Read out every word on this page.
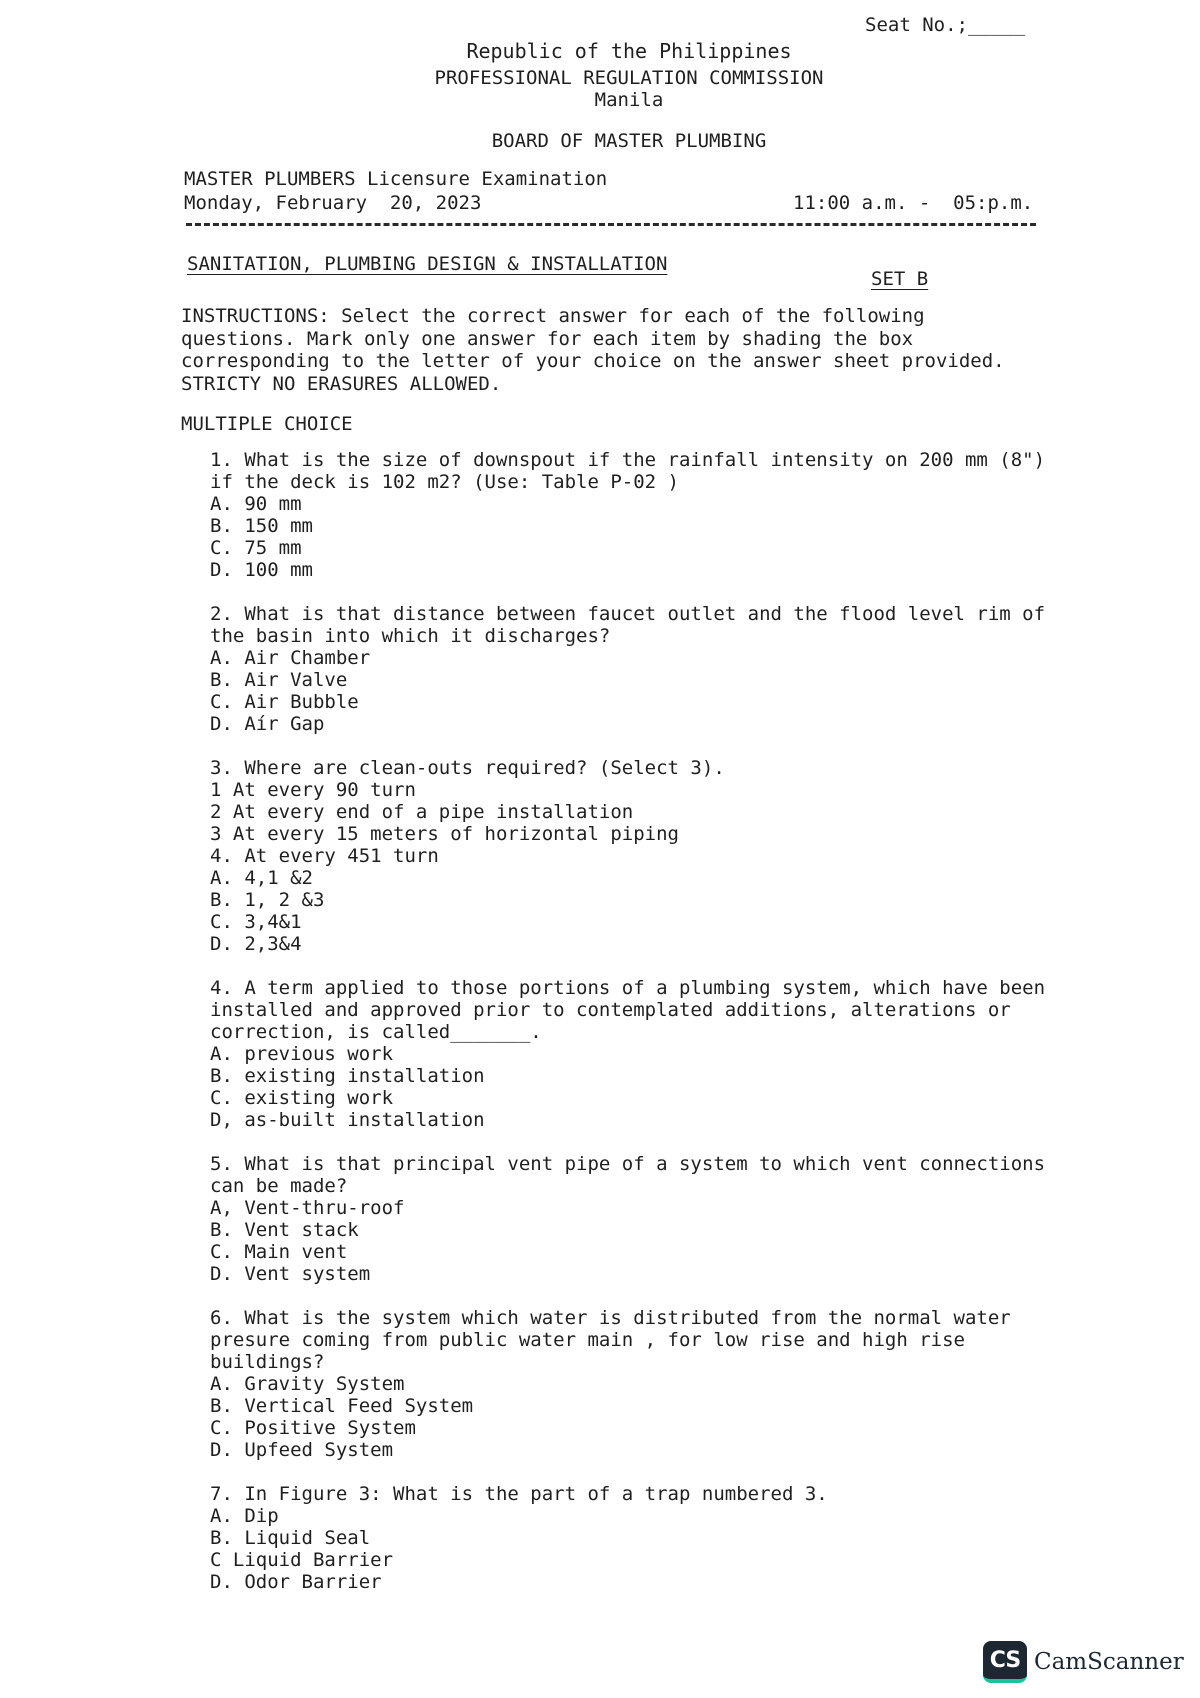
Seat No.;_____
Republic of the Philippines
PROFESSIONAL REGULATION COMMISSION
Manila
BOARD OF MASTER PLUMBING
MASTER PLUMBERS Licensure Examination
Monday, February  20, 2023	11:00 a.m. -  05:p.m.
SANITATION, PLUMBING DESIGN & INSTALLATION
SET B
INSTRUCTIONS: Select the correct answer for each of the following
questions. Mark only one answer for each item by shading the box
corresponding to the letter of your choice on the answer sheet provided.
STRICTY NO ERASURES ALLOWED.
MULTIPLE CHOICE
1. What is the size of downspout if the rainfall intensity on 200 mm (8")
if the deck is 102 m2? (Use: Table P-02 )
A. 90 mm
B. 150 mm
C. 75 mm
D. 100 mm
2. What is that distance between faucet outlet and the flood level rim of
the basin into which it discharges?
A. Air Chamber
B. Air Valve
C. Air Bubble
D. Aír Gap
3. Where are clean-outs required? (Select 3).
1 At every 90 turn
2 At every end of a pipe installation
3 At every 15 meters of horizontal piping
4. At every 451 turn
A. 4,1 &2
B. 1, 2 &3
C. 3,4&1
D. 2,3&4
4. A term applied to those portions of a plumbing system, which have been
installed and approved prior to contemplated additions, alterations or
correction, is called_______.
A. previous work
B. existing installation
C. existing work
D, as-built installation
5. What is that principal vent pipe of a system to which vent connections
can be made?
A, Vent-thru-roof
B. Vent stack
C. Main vent
D. Vent system
6. What is the system which water is distributed from the normal water
presure coming from public water main , for low rise and high rise
buildings?
A. Gravity System
B. Vertical Feed System
C. Positive System
D. Upfeed System
7. In Figure 3: What is the part of a trap numbered 3.
A. Dip
B. Liquid Seal
C Liquid Barrier
D. Odor Barrier
CS CamScanner
